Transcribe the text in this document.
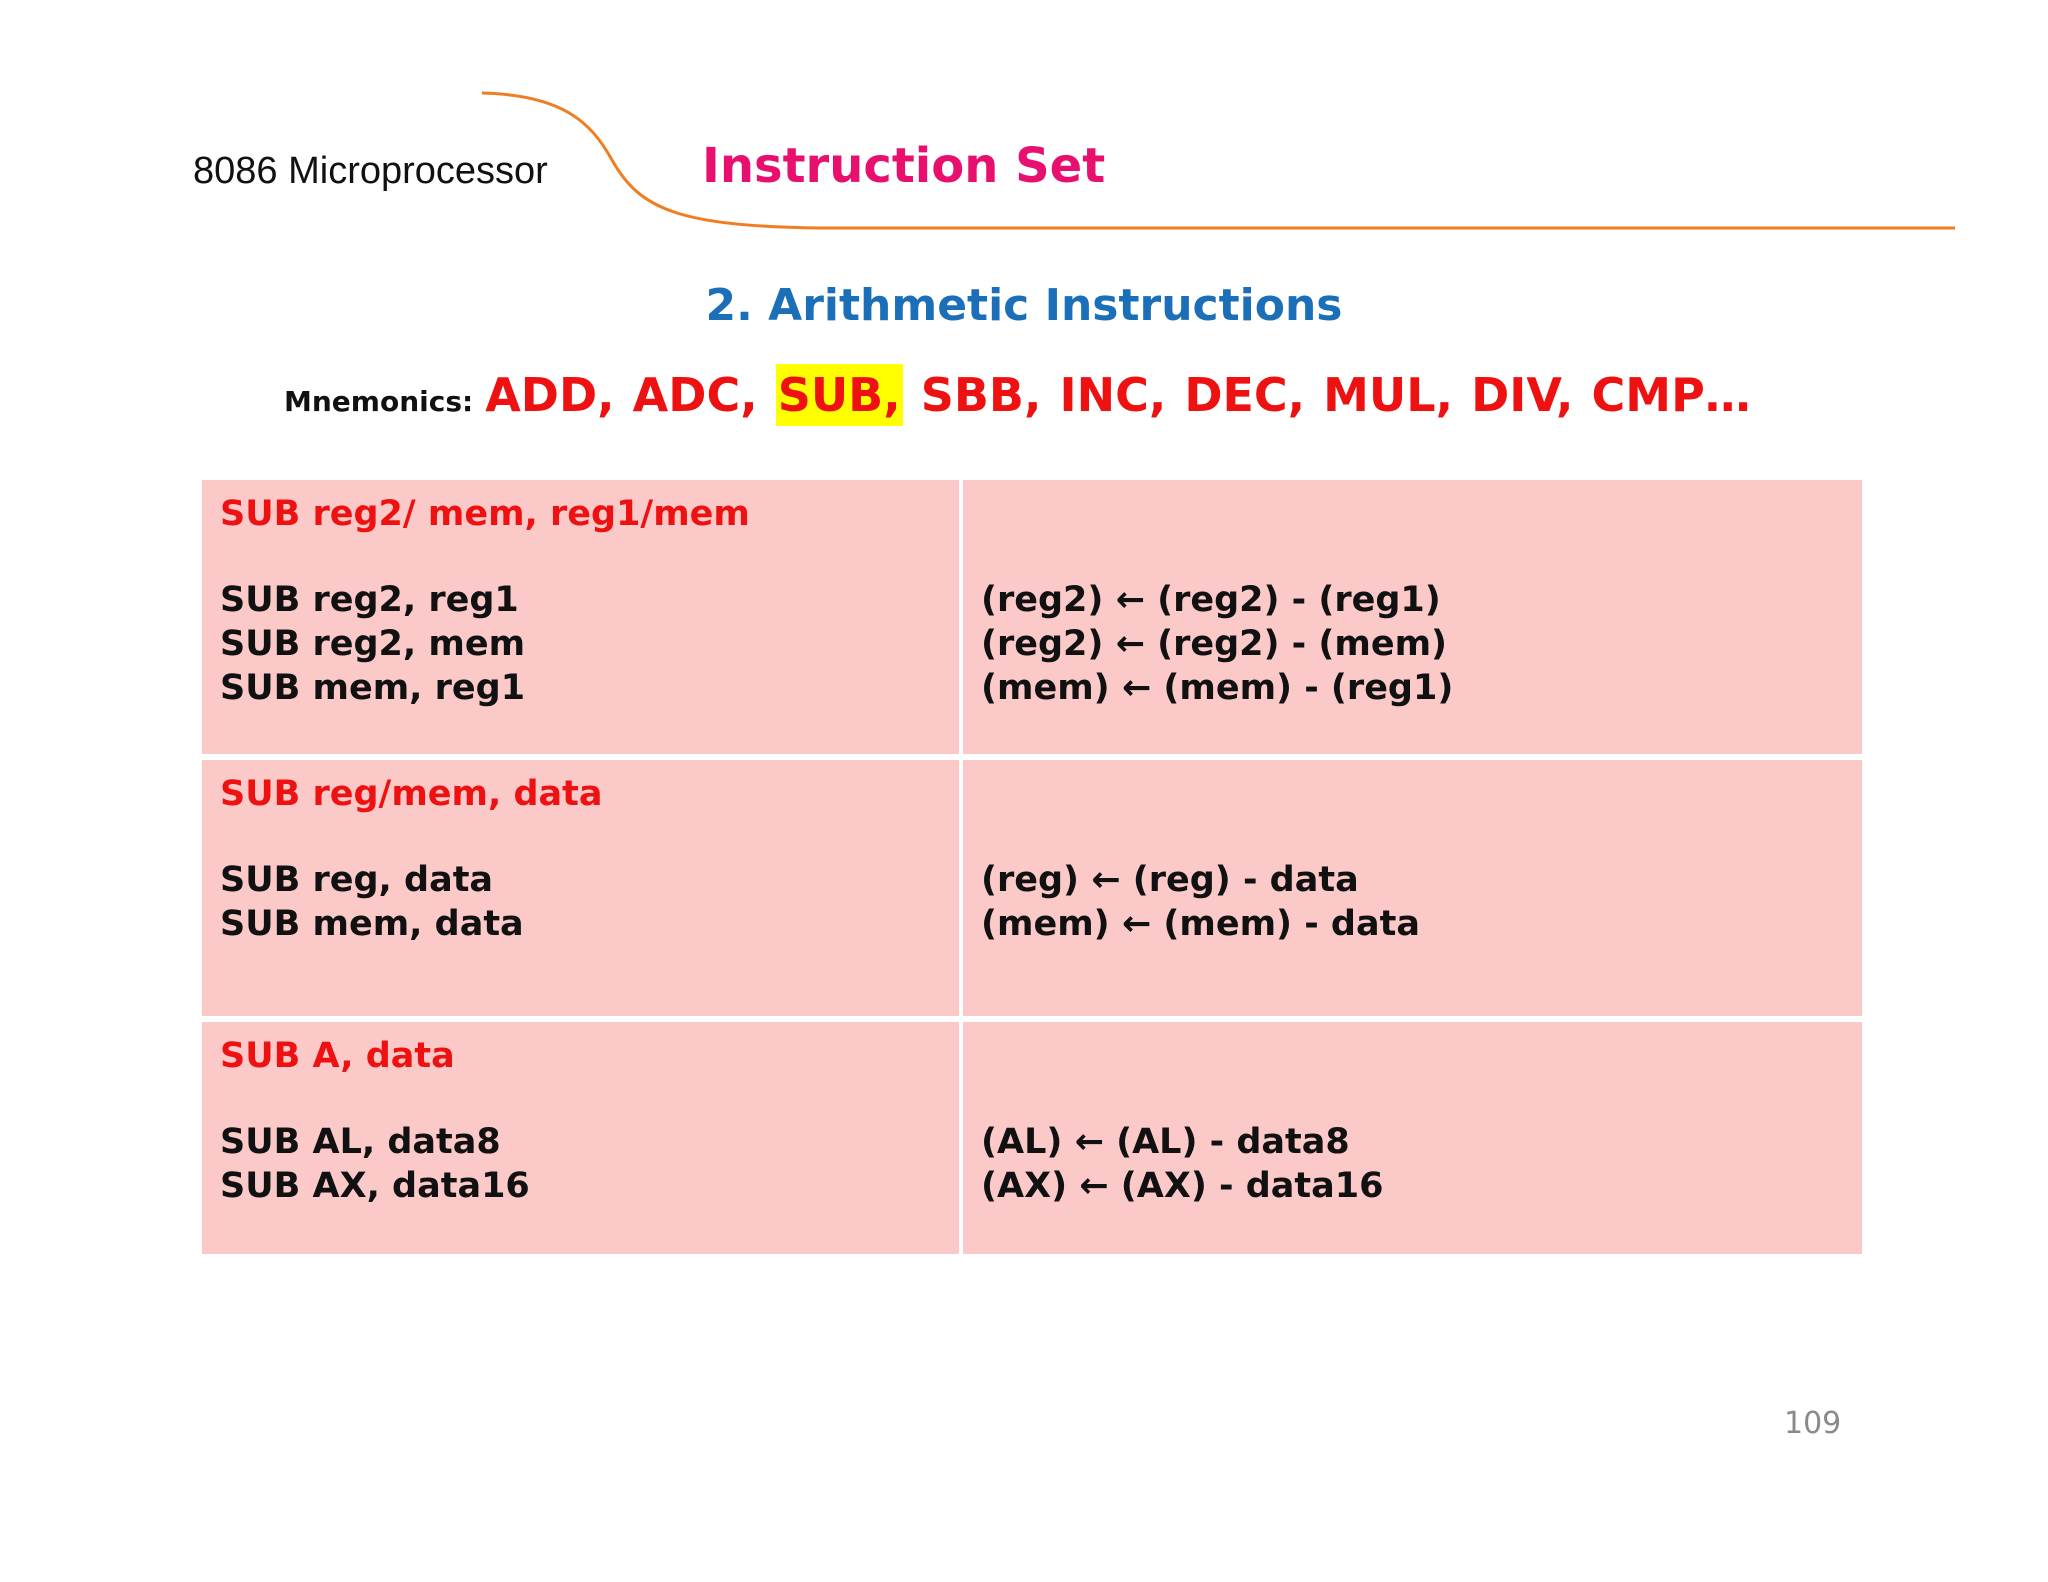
8086 Microprocessor	Instruction Set
2. Arithmetic Instructions
Mnemonics: ADD, ADC, SUB, SBB, INC, DEC, MUL, DIV, CMP…
SUB reg2/ mem, reg1/mem
SUB reg2, reg1
SUB reg2, mem
SUB mem, reg1
(reg2) ← (reg2) - (reg1)
(reg2) ← (reg2) - (mem)
(mem) ← (mem) - (reg1)
SUB reg/mem, data
SUB reg, data
SUB mem, data
(reg) ← (reg) - data
(mem) ← (mem) - data
SUB A, data
SUB AL, data8
SUB AX, data16
(AL) ← (AL) - data8
(AX) ← (AX) - data16
109
